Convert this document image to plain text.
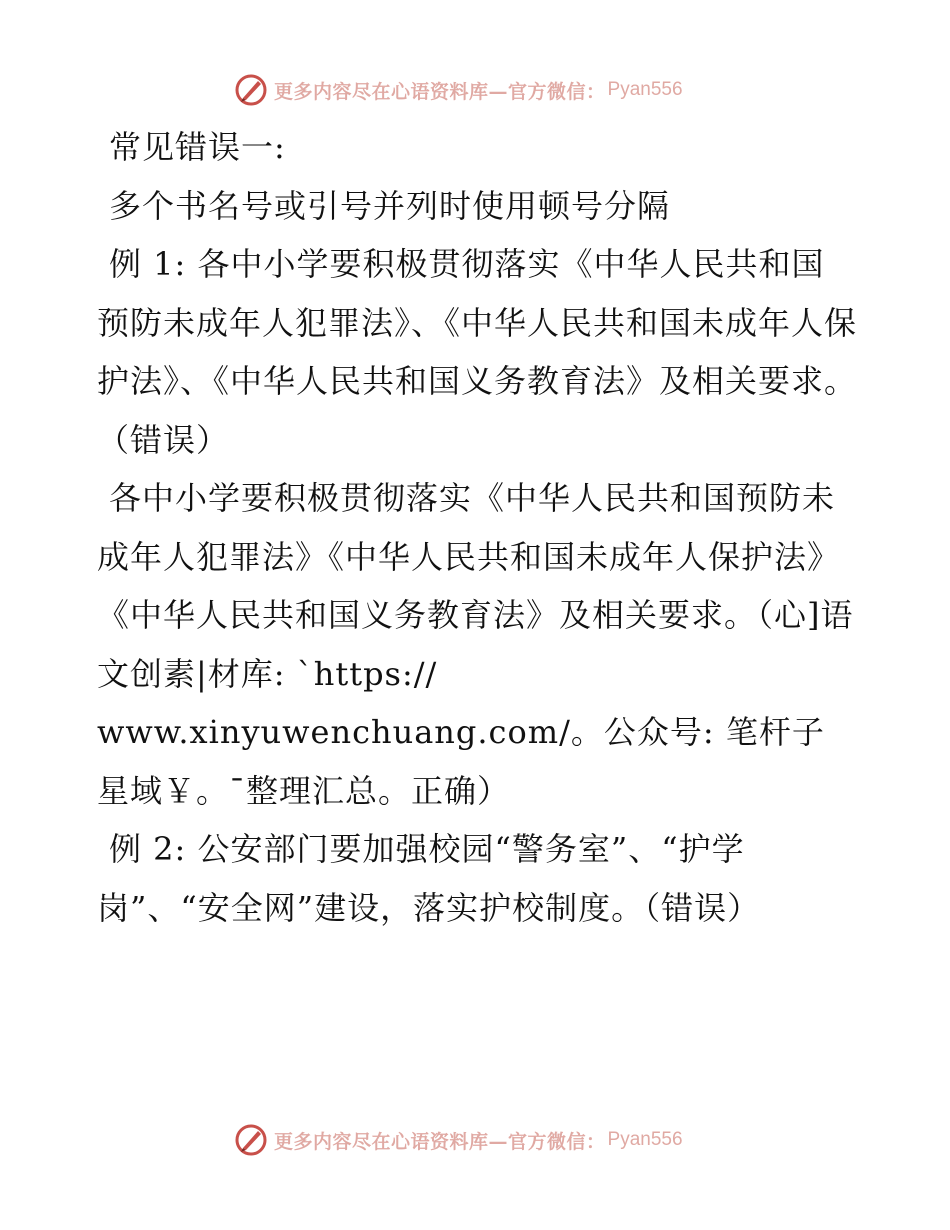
更多内容尽在心语资料库—官方微信： Pyan556

常见错误一:

多个书名号或引号并列时使用顿号分隔

例 1: 各中小学要积极贯彻落实《中华人民共和国预防未成年人犯罪法》、《中华人民共和国未成年人保护法》、《中华人民共和国义务教育法》及相关要求。（错误）

各中小学要积极贯彻落实《中华人民共和国预防未成年人犯罪法》《中华人民共和国未成年人保护法》《中华人民共和国义务教育法》及相关要求。（心]语文创素|材库: `https://

www.xinyuwenchuang.com/。公众号: 笔杆子星域￥。¯整理汇总。正确）

例 2: 公安部门要加强校园“警务室”、“护学岗”、“安全网”建设，落实护校制度。（错误）

更多内容尽在心语资料库—官方微信： Pyan556
